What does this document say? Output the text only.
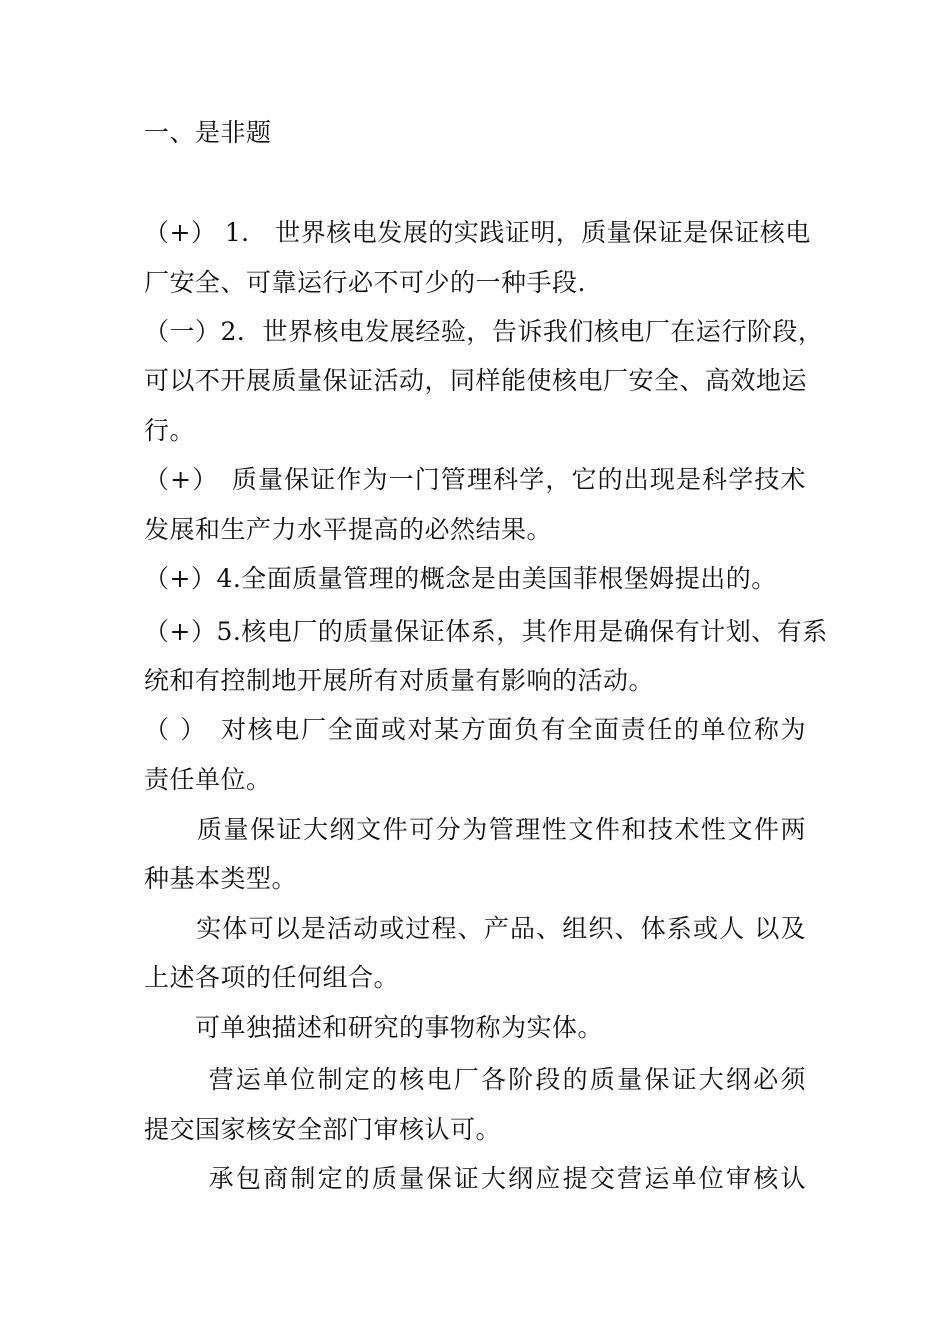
一、是非题
（+） 1． 世界核电发展的实践证明，质量保证是保证核电
厂安全、可靠运行必不可少的一种手段.
（一）2．世界核电发展经验，告诉我们核电厂在运行阶段，
可以不开展质量保证活动，同样能使核电厂安全、高效地运
行。
（+）　质量保证作为一门管理科学，它的出现是科学技术
发展和生产力水平提高的必然结果。
（+）4.全面质量管理的概念是由美国菲根堡姆提出的。
（+）5.核电厂的质量保证体系，其作用是确保有计划、有系
统和有控制地开展所有对质量有影响的活动。
（ ）　对核电厂全面或对某方面负有全面责任的单位称为
责任单位。
　　质量保证大纲文件可分为管理性文件和技术性文件两
种基本类型。
　　实体可以是活动或过程、产品、组织、体系或人 以及
上述各项的任何组合。
　　可单独描述和研究的事物称为实体。
　　 营运单位制定的核电厂各阶段的质量保证大纲必须
提交国家核安全部门审核认可。
　　 承包商制定的质量保证大纲应提交营运单位审核认
